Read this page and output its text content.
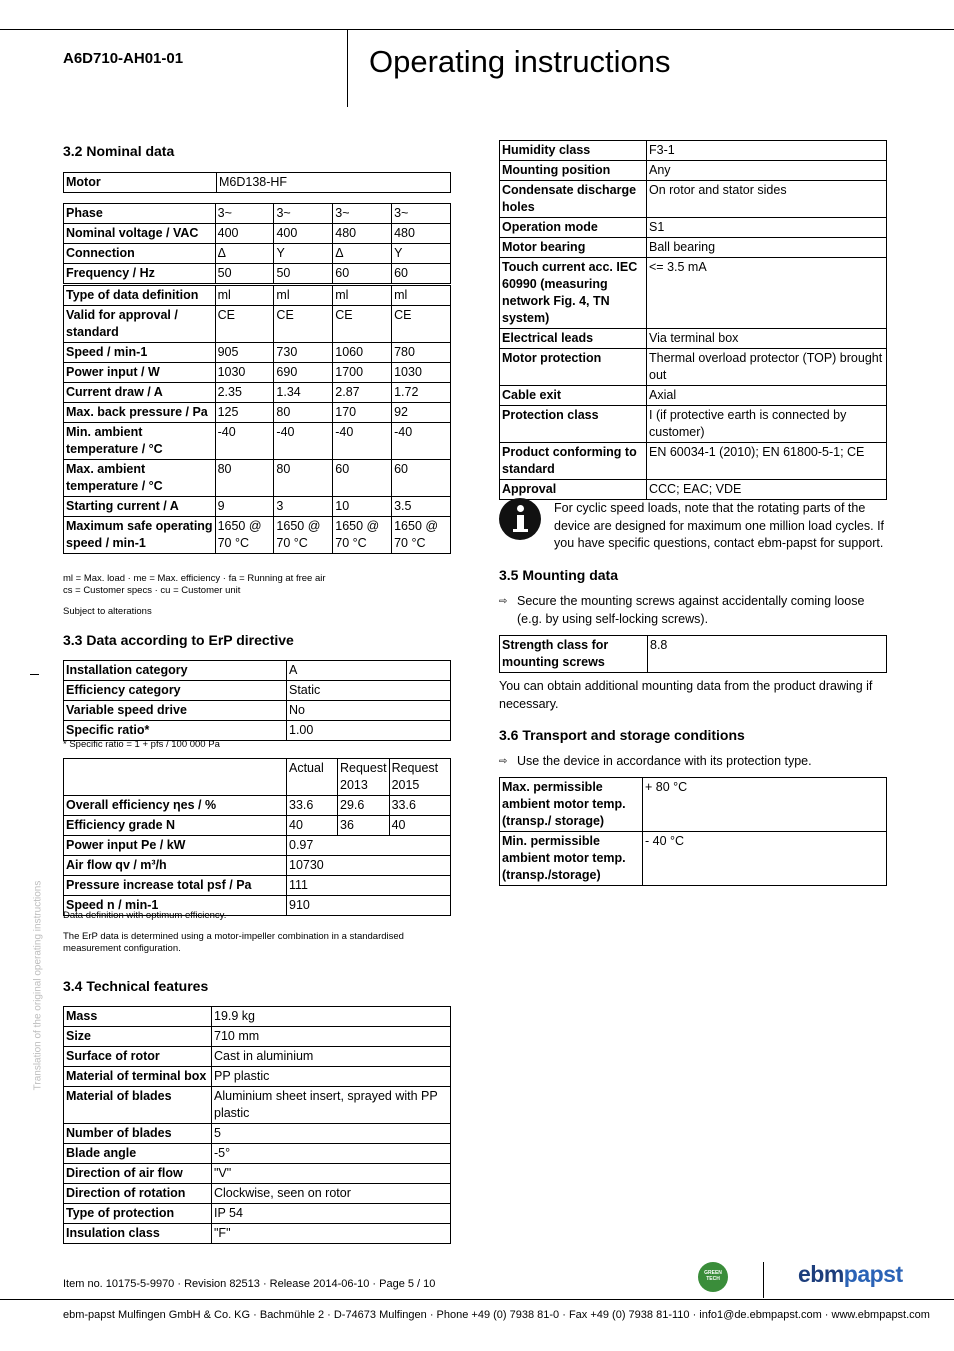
A6D710-AH01-01	Operating instructions
Translation of the original operating instructions
3.2 Nominal data
Motor	M6D138-HF
Phase	3~	3~	3~	3~
Nominal voltage / VAC	400	400	480	480
Connection	Δ	Y	Δ	Y
Frequency / Hz	50	50	60	60
Type of data definition	ml	ml	ml	ml
Valid for approval / standard	CE	CE	CE	CE
Speed / min-1	905	730	1060	780
Power input / W	1030	690	1700	1030
Current draw / A	2.35	1.34	2.87	1.72
Max. back pressure / Pa	125	80	170	92
Min. ambient temperature / °C	-40	-40	-40	-40
Max. ambient temperature / °C	80	80	60	60
Starting current / A	9	3	10	3.5
Maximum safe operating speed / min-1	1650 @ 70 °C	1650 @ 70 °C	1650 @ 70 °C	1650 @ 70 °C
ml = Max. load · me = Max. efficiency · fa = Running at free air
cs = Customer specs · cu = Customer unit
Subject to alterations
3.3 Data according to ErP directive
Installation category	A
Efficiency category	Static
Variable speed drive	No
Specific ratio*	1.00
* Specific ratio = 1 + pfs / 100 000 Pa
	Actual	Request 2013	Request 2015
Overall efficiency ηes / %	33.6	29.6	33.6
Efficiency grade N	40	36	40
Power input Pe / kW	0.97		
Air flow qv / m³/h	10730		
Pressure increase total psf / Pa	111		
Speed n / min-1	910		
Data definition with optimum efficiency.
The ErP data is determined using a motor-impeller combination in a standardised measurement configuration.
3.4 Technical features
Mass	19.9 kg
Size	710 mm
Surface of rotor	Cast in aluminium
Material of terminal box	PP plastic
Material of blades	Aluminium sheet insert, sprayed with PP plastic
Number of blades	5
Blade angle	-5°
Direction of air flow	"V"
Direction of rotation	Clockwise, seen on rotor
Type of protection	IP 54
Insulation class	"F"
Humidity class	F3-1
Mounting position	Any
Condensate discharge holes	On rotor and stator sides
Operation mode	S1
Motor bearing	Ball bearing
Touch current acc. IEC 60990 (measuring network Fig. 4, TN system)	<= 3.5 mA
Electrical leads	Via terminal box
Motor protection	Thermal overload protector (TOP) brought out
Cable exit	Axial
Protection class	I (if protective earth is connected by customer)
Product conforming to standard	EN 60034-1 (2010); EN 61800-5-1; CE
Approval	CCC; EAC; VDE
For cyclic speed loads, note that the rotating parts of the device are designed for maximum one million load cycles. If you have specific questions, contact ebm-papst for support.
3.5 Mounting data
⇨ Secure the mounting screws against accidentally coming loose (e.g. by using self-locking screws).
Strength class for mounting screws	8.8
You can obtain additional mounting data from the product drawing if necessary.
3.6 Transport and storage conditions
⇨ Use the device in accordance with its protection type.
Max. permissible ambient motor temp. (transp./ storage)	+ 80 °C
Min. permissible ambient motor temp. (transp./storage)	- 40 °C
Item no. 10175-5-9970 · Revision 82513 · Release 2014-06-10 · Page 5 / 10
GREEN TECH	ebmpapst
ebm-papst Mulfingen GmbH & Co. KG · Bachmühle 2 · D-74673 Mulfingen · Phone +49 (0) 7938 81-0 · Fax +49 (0) 7938 81-110 · info1@de.ebmpapst.com · www.ebmpapst.com
